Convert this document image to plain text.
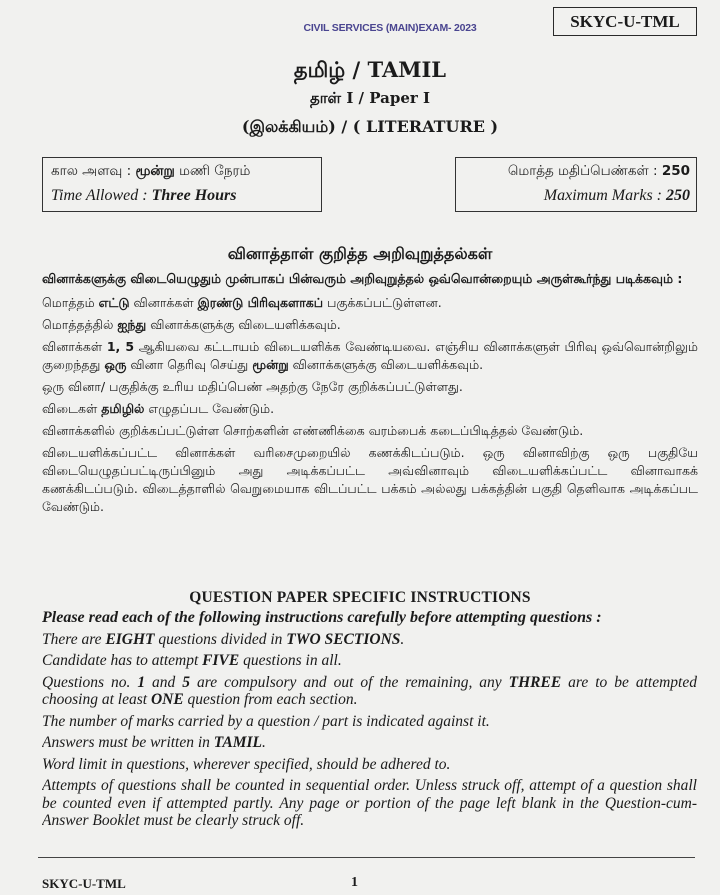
CIVIL SERVICES (MAIN)EXAM- 2023	SKYC-U-TML
தமிழ் / TAMIL
தாள் I / Paper I
(இலக்கியம்) / ( LITERATURE )
கால அளவு : மூன்று மணி நேரம்
Time Allowed : Three Hours
மொத்த மதிப்பெண்கள் : 250
Maximum Marks : 250
வினாத்தாள் குறித்த அறிவுறுத்தல்கள்

வினாக்களுக்கு விடையெழுதும் முன்பாகப் பின்வரும் அறிவுறுத்தல் ஒவ்வொன்றையும் அருள்கூர்ந்து படிக்கவும் :

மொத்தம் எட்டு வினாக்கள் இரண்டு பிரிவுகளாகப் பகுக்கப்பட்டுள்ளன.

மொத்தத்தில் ஐந்து வினாக்களுக்கு விடையளிக்கவும்.

வினாக்கள் 1, 5 ஆகியவை கட்டாயம் விடையளிக்க வேண்டியவை. எஞ்சிய வினாக்களுள் பிரிவு ஒவ்வொன்றிலும் குறைந்தது ஒரு வினா தெரிவு செய்து மூன்று வினாக்களுக்கு விடையளிக்கவும்.

ஒரு வினா/ பகுதிக்கு உரிய மதிப்பெண் அதற்கு நேரே குறிக்கப்பட்டுள்ளது.

விடைகள் தமிழில் எழுதப்பட வேண்டும்.

வினாக்களில் குறிக்கப்பட்டுள்ள சொற்களின் எண்ணிக்கை வரம்பைக் கடைப்பிடித்தல் வேண்டும்.

விடையளிக்கப்பட்ட வினாக்கள் வரிசைமுறையில் கணக்கிடப்படும். ஒரு வினாவிற்கு ஒரு பகுதியே விடையெழுதப்பட்டிருப்பினும் அது அடிக்கப்பட்ட அவ்வினாவும் விடையளிக்கப்பட்ட வினாவாகக் கணக்கிடப்படும். விடைத்தாளில் வெறுமையாக விடப்பட்ட பக்கம் அல்லது பக்கத்தின் பகுதி தெளிவாக அடிக்கப்பட வேண்டும்.

QUESTION PAPER SPECIFIC INSTRUCTIONS

Please read each of the following instructions carefully before attempting questions :

There are EIGHT questions divided in TWO SECTIONS.

Candidate has to attempt FIVE questions in all.

Questions no. 1 and 5 are compulsory and out of the remaining, any THREE are to be attempted choosing at least ONE question from each section.

The number of marks carried by a question / part is indicated against it.

Answers must be written in TAMIL.

Word limit in questions, wherever specified, should be adhered to.

Attempts of questions shall be counted in sequential order. Unless struck off, attempt of a question shall be counted even if attempted partly. Any page or portion of the page left blank in the Question-cum-Answer Booklet must be clearly struck off.

SKYC-U-TML	1
